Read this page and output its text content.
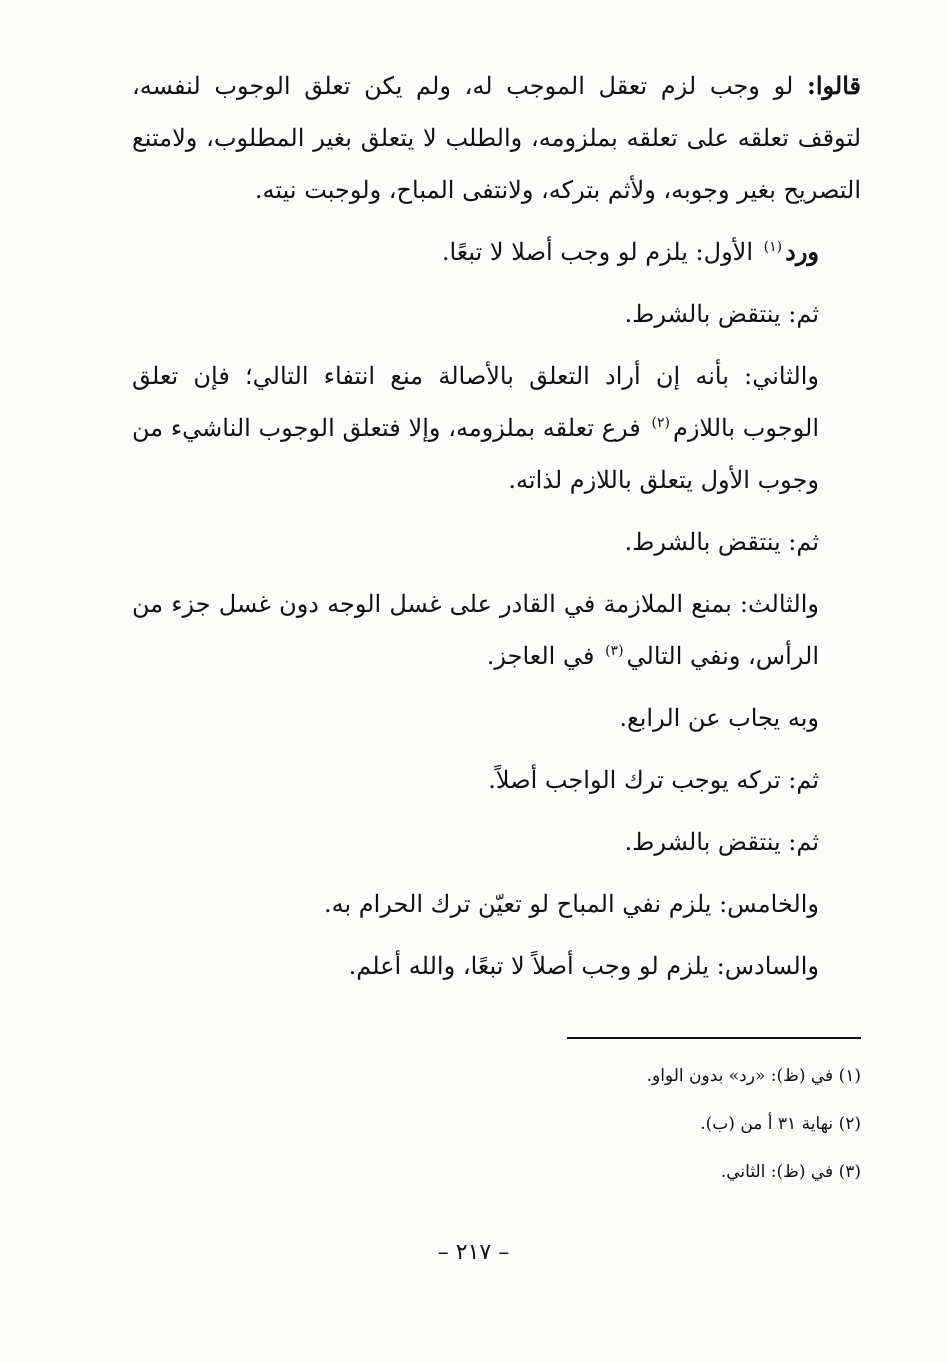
قالوا: لو وجب لزم تعقل الموجب له، ولم يكن تعلق الوجوب لنفسه، لتوقف تعلقه على تعلقه بملزومه، والطلب لا يتعلق بغير المطلوب، ولامتنع التصريح بغير وجوبه، ولأثم بتركه، ولانتفى المباح، ولوجبت نيته.

ورد$^{(١)}$ الأول: يلزم لو وجب أصلا لا تبعًا.

ثم: ينتقض بالشرط.

والثاني: بأنه إن أراد التعلق بالأصالة منع انتفاء التالي؛ فإن تعلق الوجوب باللازم$^{(٢)}$ فرع تعلقه بملزومه، وإلا فتعلق الوجوب الناشيء من وجوب الأول يتعلق باللازم لذاته.

ثم: ينتقض بالشرط.

والثالث: بمنع الملازمة في القادر على غسل الوجه دون غسل جزء من الرأس، ونفي التالي$^{(٣)}$ في العاجز.

وبه يجاب عن الرابع.

ثم: تركه يوجب ترك الواجب أصلاً.

ثم: ينتقض بالشرط.

والخامس: يلزم نفي المباح لو تعيّن ترك الحرام به.

والسادس: يلزم لو وجب أصلاً لا تبعًا، والله أعلم.

(١) في (ظ): «رد» بدون الواو.

(٢) نهاية ٣١ أ من (ب).

(٣) في (ظ): الثاني.

– ٢١٧ –
